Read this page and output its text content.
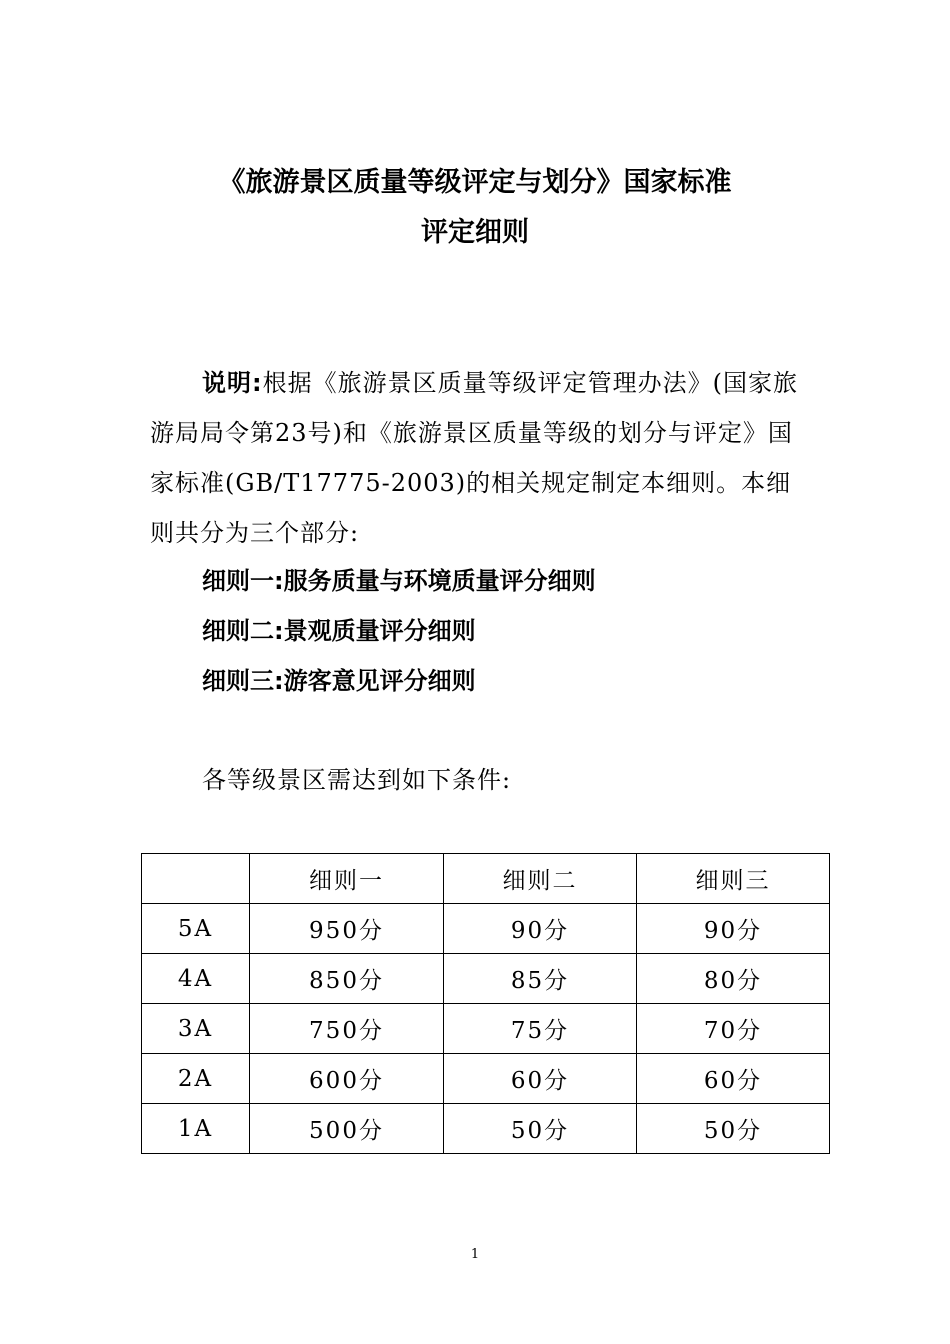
《旅游景区质量等级评定与划分》国家标准
评定细则
说明:根据《旅游景区质量等级评定管理办法》(国家旅游局局令第23号)和《旅游景区质量等级的划分与评定》国家标准(GB/T17775-2003)的相关规定制定本细则。本细则共分为三个部分:
细则一:服务质量与环境质量评分细则
细则二:景观质量评分细则
细则三:游客意见评分细则
各等级景区需达到如下条件:
	细则一	细则二	细则三
5A	950分	90分	90分
4A	850分	85分	80分
3A	750分	75分	70分
2A	600分	60分	60分
1A	500分	50分	50分
1
